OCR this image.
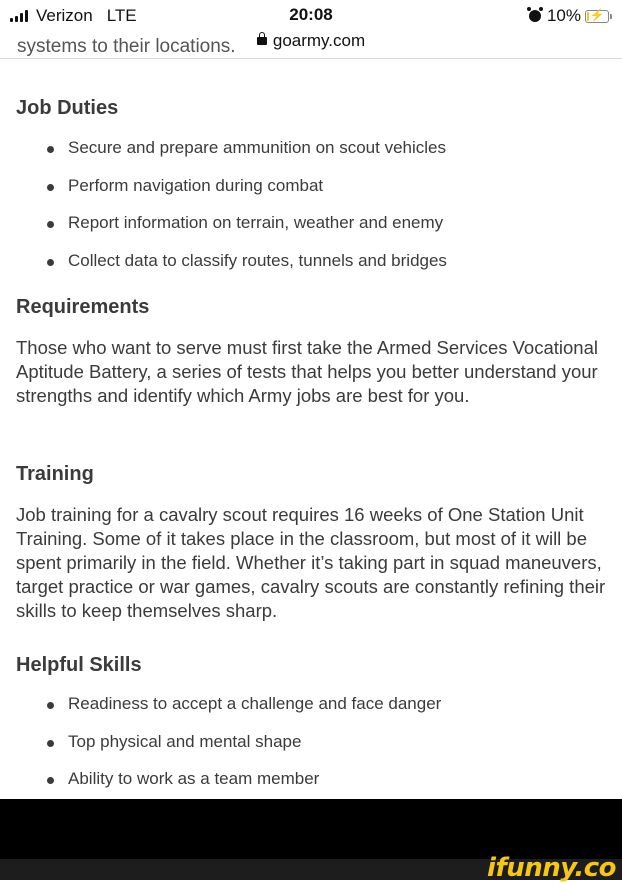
Verizon LTE	20:08	10% ⚡
goarmy.com
systems to their locations.
Job Duties
Secure and prepare ammunition on scout vehicles
Perform navigation during combat
Report information on terrain, weather and enemy
Collect data to classify routes, tunnels and bridges
Requirements

Those who want to serve must first take the Armed Services Vocational Aptitude Battery, a series of tests that helps you better understand your strengths and identify which Army jobs are best for you.

Training

Job training for a cavalry scout requires 16 weeks of One Station Unit Training. Some of it takes place in the classroom, but most of it will be spent primarily in the field. Whether it’s taking part in squad maneuvers, target practice or war games, cavalry scouts are constantly refining their skills to keep themselves sharp.

Helpful Skills
Readiness to accept a challenge and face danger
Top physical and mental shape
Ability to work as a team member
ifunny.co
